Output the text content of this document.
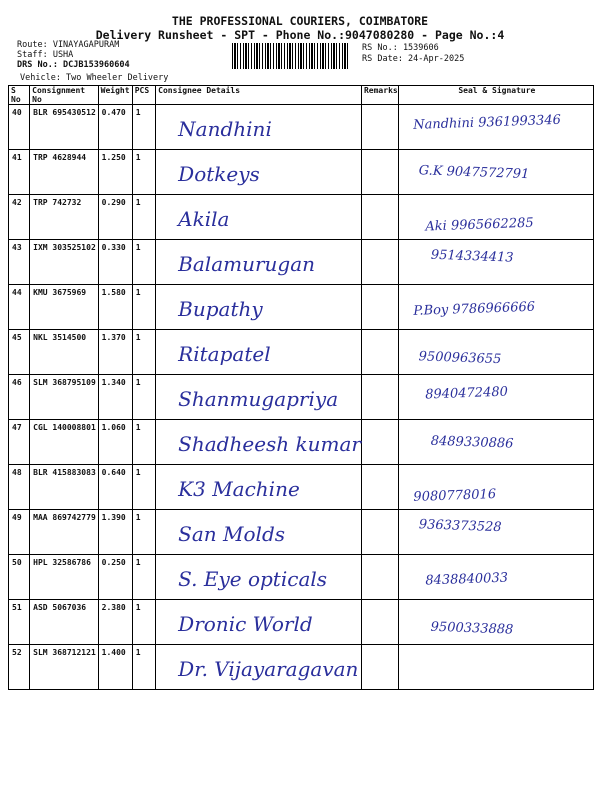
THE PROFESSIONAL COURIERS, COIMBATORE
Delivery Runsheet - SPT - Phone No.:9047080280 - Page No.:4
Route: VINAYAGAPURAM
Staff: USHA
DRS No.: DCJB153960604
RS No.: 1539606
RS Date: 24-Apr-2025
Vehicle: Two Wheeler Delivery
S No	Consignment No	Weight	PCS	Consignee Details	Remarks	Seal & Signature
40	BLR 695430512	0.470	1	Nandhini		Nandhini 9361993346

41	TRP 4628944	1.250	1	Dotkeys		G.K 9047572791

42	TRP 742732	0.290	1	Akila		Aki 9965662285

43	IXM 303525102	0.330	1	Balamurugan		9514334413

44	KMU 3675969	1.580	1	Bupathy		P.Boy 9786966666

45	NKL 3514500	1.370	1	Ritapatel		9500963655

46	SLM 368795109	1.340	1	Shanmugapriya		8940472480

47	CGL 140008801	1.060	1	Shadheesh kumar		8489330886

48	BLR 415883083	0.640	1	K3 Machine		9080778016

49	MAA 869742779	1.390	1	San Molds		9363373528

50	HPL 32586786	0.250	1	S. Eye opticals		8438840033

51	ASD 5067036	2.380	1	Dronic World		9500333888

52	SLM 368712121	1.400	1	Dr. Vijayaragavan		
